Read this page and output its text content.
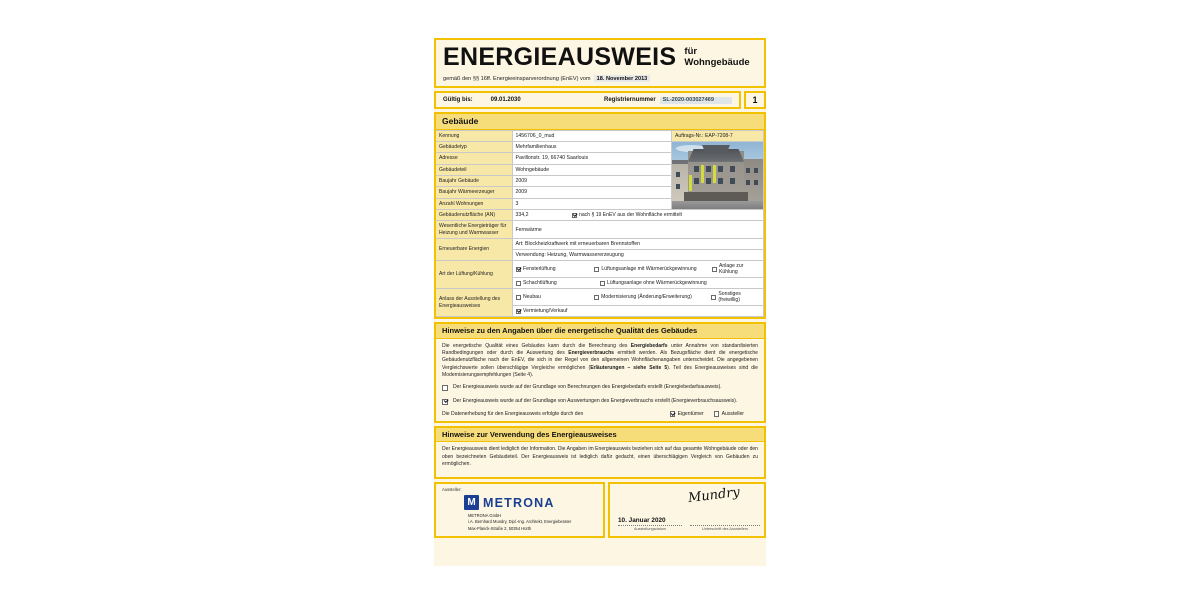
ENERGIEAUSWEIS für Wohngebäude
gemäß den §§ 16ff. Energieeinsparverordnung (EnEV) vom	18. November 2013
Gültig bis:	09.01.2030	Registriernummer	SL-2020-003027469	1
Gebäude
Kennung	1456706_0_mud	Auftrags-Nr.: EAP-7208-7
Gebäudetyp	Mehrfamilienhaus	

Adresse	Pavillonstr. 19, 66740 Saarlouis	
Gebäudeteil	Wohngebäude	
Baujahr Gebäude	2009	
Baujahr Wärmeerzeuger	2009	
Anzahl Wohnungen	3	
Gebäudenutzfläche (AN)	334,2 nach § 19 EnEV aus der Wohnfläche ermittelt	

Wesentliche Energieträger für Heizung und Warmwasser	Fernwärme	
Erneuerbare Energien	Art: Blockheizkraftwerk mit erneuerbaren Brennstoffen	
	Verwendung: Heizung, Warmwassererzeugung	
Art der Lüftung/Kühlung	Fensterlüftung Lüftungsanlage mit Wärmerückgewinnung Anlage zur Kühlung	

	Schachtlüftung Lüftungsanlage ohne Wärmerückgewinnung	

Anlass der Ausstellung des Energieausweises	Neubau Modernisierung (Änderung/Erweiterung) Sonstiges (freiwillig)	

	Vermietung/Verkauf	
Hinweise zu den Angaben über die energetische Qualität des Gebäudes
Die energetische Qualität eines Gebäudes kann durch die Berechnung des Energiebedarfs unter Annahme von standardisierten Randbedingungen oder durch die Auswertung des Energieverbrauchs ermittelt werden. Als Bezugsfläche dient die energetische Gebäudenutzfläche nach der EnEV, die sich in der Regel von den allgemeinen Wohnflächenangaben unterscheidet. Die angegebenen Vergleichswerte sollen überschlägige Vergleiche ermöglichen (Erläuterungen – siehe Seite 5). Teil des Energieausweises sind die Modernisierungsempfehlungen (Seite 4).
Der Energieausweis wurde auf der Grundlage von Berechnungen des Energiebedarfs erstellt (Energiebedarfsausweis).
Der Energieausweis wurde auf der Grundlage von Auswertungen des Energieverbrauchs erstellt (Energieverbrauchsausweis).
Die Datenerhebung für den Energieausweis erfolgte durch den	Eigentümer	Aussteller
Hinweise zur Verwendung des Energieausweises
Der Energieausweis dient lediglich der Information. Die Angaben im Energieausweis beziehen sich auf das gesamte Wohngebäude oder den oben bezeichneten Gebäudeteil. Der Energieausweis ist lediglich dafür gedacht, einen überschlägigen Vergleich von Gebäuden zu ermöglichen.
Aussteller:
M METRONA
METRONA GmbH
i.A. Bernhard Mundry, Dipl.-Ing. Architekt, Energieberater
Max-Planck-Straße 2, 50354 Hürth
Mundry
10. Januar 2020
Ausstellungsdatum	Unterschrift des Ausstellers
